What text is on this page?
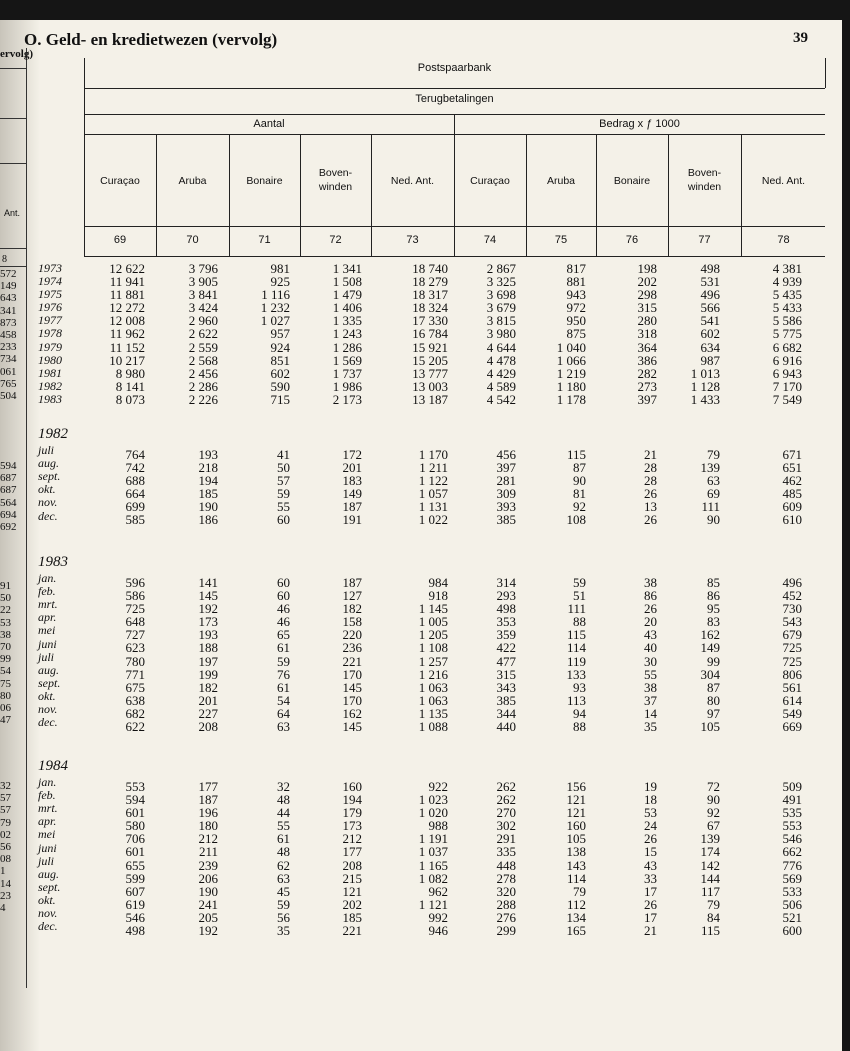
O. Geld- en kredietwezen (vervolg)	39
ervolg)
Ant.
8
572
149
643
341
873
458
233
734
061
765
504
594
687
687
564
694
692
91
50
22
53
38
70
99
54
75
80
06
47
32
57
57
79
02
56
08
1
14
23
4
Postspaarbank
Terugbetalingen
Aantal	Bedrag x ƒ 1000
Curaçao
69
Aruba
70
Bonaire
71
Boven-
winden
72
Ned. Ant.
73
Curaçao
74
Aruba
75
Bonaire
76
Boven-
winden
77
Ned. Ant.
78
1973
1974
1975
1976
1977
1978
1979
1980
1981
1982
1983
12 622
11 941
11 881
12 272
12 008
11 962
11 152
10 217
8 980
8 141
8 073
3 796
3 905
3 841
3 424
2 960
2 622
2 559
2 568
2 456
2 286
2 226
981
925
1 116
1 232
1 027
957
924
851
602
590
715
1 341
1 508
1 479
1 406
1 335
1 243
1 286
1 569
1 737
1 986
2 173
18 740
18 279
18 317
18 324
17 330
16 784
15 921
15 205
13 777
13 003
13 187
2 867
3 325
3 698
3 679
3 815
3 980
4 644
4 478
4 429
4 589
4 542
817
881
943
972
950
875
1 040
1 066
1 219
1 180
1 178
198
202
298
315
280
318
364
386
282
273
397
498
531
496
566
541
602
634
987
1 013
1 128
1 433
4 381
4 939
5 435
5 433
5 586
5 775
6 682
6 916
6 943
7 170
7 549
1982
juli
aug.
sept.
okt.
nov.
dec.
764
742
688
664
699
585
193
218
194
185
190
186
41
50
57
59
55
60
172
201
183
149
187
191
1 170
1 211
1 122
1 057
1 131
1 022
456
397
281
309
393
385
115
87
90
81
92
108
21
28
28
26
13
26
79
139
63
69
111
90
671
651
462
485
609
610
1983
jan.
feb.
mrt.
apr.
mei
juni
juli
aug.
sept.
okt.
nov.
dec.
596
586
725
648
727
623
780
771
675
638
682
622
141
145
192
173
193
188
197
199
182
201
227
208
60
60
46
46
65
61
59
76
61
54
64
63
187
127
182
158
220
236
221
170
145
170
162
145
984
918
1 145
1 005
1 205
1 108
1 257
1 216
1 063
1 063
1 135
1 088
314
293
498
353
359
422
477
315
343
385
344
440
59
51
111
88
115
114
119
133
93
113
94
88
38
86
26
20
43
40
30
55
38
37
14
35
85
86
95
83
162
149
99
304
87
80
97
105
496
452
730
543
679
725
725
806
561
614
549
669
1984
jan.
feb.
mrt.
apr.
mei
juni
juli
aug.
sept.
okt.
nov.
dec.
553
594
601
580
706
601
655
599
607
619
546
498
177
187
196
180
212
211
239
206
190
241
205
192
32
48
44
55
61
48
62
63
45
59
56
35
160
194
179
173
212
177
208
215
121
202
185
221
922
1 023
1 020
988
1 191
1 037
1 165
1 082
962
1 121
992
946
262
262
270
302
291
335
448
278
320
288
276
299
156
121
121
160
105
138
143
114
79
112
134
165
19
18
53
24
26
15
43
33
17
26
17
21
72
90
92
67
139
174
142
144
117
79
84
115
509
491
535
553
546
662
776
569
533
506
521
600
